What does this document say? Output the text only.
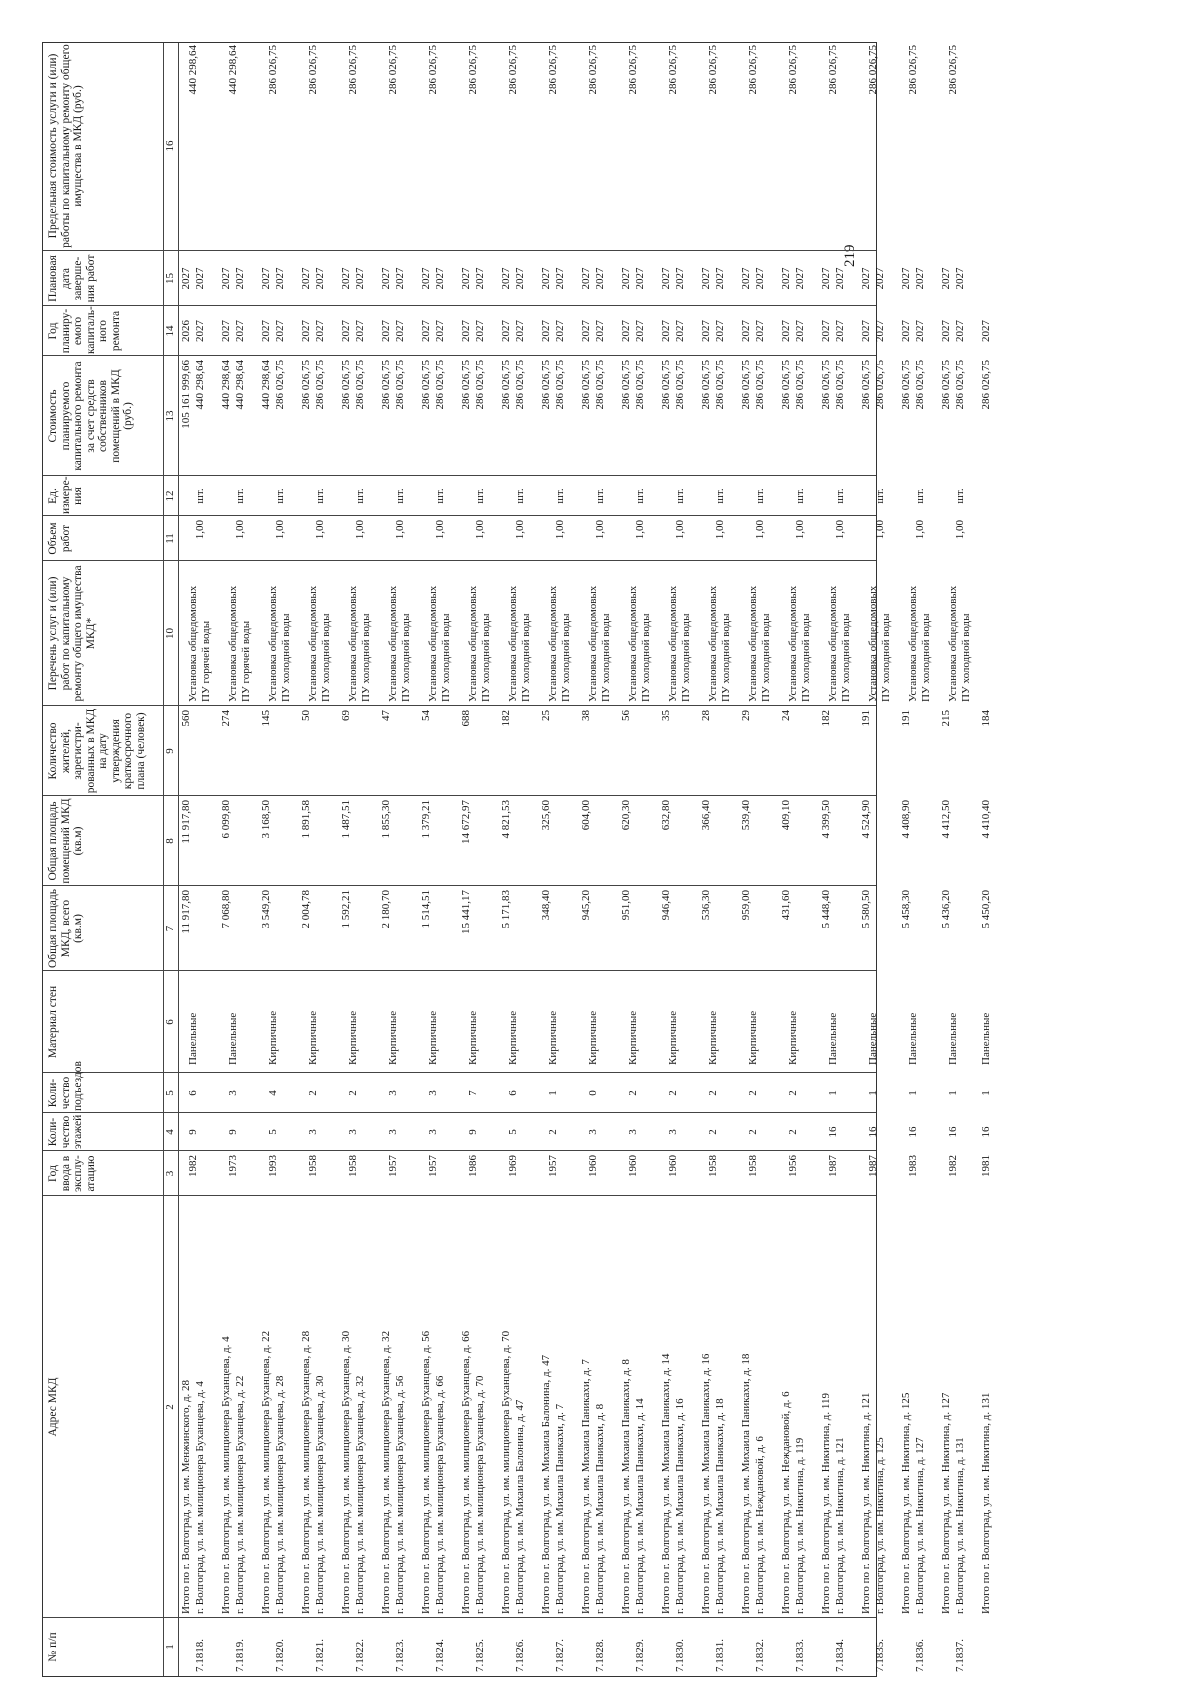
219
№ п/п
Адрес МКД
Год ввода в эксплу-атацию
Коли-чество этажей
Коли-чество подъездов
Материал стен
Общая площадь МКД, всего (кв.м)
Общая площадь помещений МКД (кв.м)
Количество жителей, зарегистри-рованных в МКД на дату утверждения краткосрочного плана (человек)
Перечень услуг и (или) работ по капитальному ремонту общего имущества МКД*
Объем работ
Ед. измере-ния
Стоимость планируемого капитального ремонта за счет средств собственников помещений в МКД (руб.)
Год планиру-емого капиталь-ного ремонта
Плановая дата заверше-ния работ
Предельная стоимость услуги и (или) работы по капитальному ремонту общего имущества в МКД (руб.)
1
2
3
4
5
6
7
8
9
10
11
12
13
14
15
16
Итого по г. Волгоград, ул. им. Менжинского, д. 28
11 917,80
11 917,80
560
105 161 999,66
2026
2027
7.1818.
г. Волгоград, ул. им. милиционера Буханцева, д. 4
1982
9
6
Панельные
Установка общедомовых ПУ горячей воды
1,00
шт.
440 298,64
2027
2027
440 298,64
Итого по г. Волгоград, ул. им. милиционера Буханцева, д. 4
7 068,80
6 099,80
274
440 298,64
2027
2027
7.1819.
г. Волгоград, ул. им. милиционера Буханцева, д. 22
1973
9
3
Панельные
Установка общедомовых ПУ горячей воды
1,00
шт.
440 298,64
2027
2027
440 298,64
Итого по г. Волгоград, ул. им. милиционера Буханцева, д. 22
3 549,20
3 168,50
145
440 298,64
2027
2027
7.1820.
г. Волгоград, ул. им. милиционера Буханцева, д. 28
1993
5
4
Кирпичные
Установка общедомовых ПУ холодной воды
1,00
шт.
286 026,75
2027
2027
286 026,75
Итого по г. Волгоград, ул. им. милиционера Буханцева, д. 28
2 004,78
1 891,58
50
286 026,75
2027
2027
7.1821.
г. Волгоград, ул. им. милиционера Буханцева, д. 30
1958
3
2
Кирпичные
Установка общедомовых ПУ холодной воды
1,00
шт.
286 026,75
2027
2027
286 026,75
Итого по г. Волгоград, ул. им. милиционера Буханцева, д. 30
1 592,21
1 487,51
69
286 026,75
2027
2027
7.1822.
г. Волгоград, ул. им. милиционера Буханцева, д. 32
1958
3
2
Кирпичные
Установка общедомовых ПУ холодной воды
1,00
шт.
286 026,75
2027
2027
286 026,75
Итого по г. Волгоград, ул. им. милиционера Буханцева, д. 32
2 180,70
1 855,30
47
286 026,75
2027
2027
7.1823.
г. Волгоград, ул. им. милиционера Буханцева, д. 56
1957
3
3
Кирпичные
Установка общедомовых ПУ холодной воды
1,00
шт.
286 026,75
2027
2027
286 026,75
Итого по г. Волгоград, ул. им. милиционера Буханцева, д. 56
1 514,51
1 379,21
54
286 026,75
2027
2027
7.1824.
г. Волгоград, ул. им. милиционера Буханцева, д. 66
1957
3
3
Кирпичные
Установка общедомовых ПУ холодной воды
1,00
шт.
286 026,75
2027
2027
286 026,75
Итого по г. Волгоград, ул. им. милиционера Буханцева, д. 66
15 441,17
14 672,97
688
286 026,75
2027
2027
7.1825.
г. Волгоград, ул. им. милиционера Буханцева, д. 70
1986
9
7
Кирпичные
Установка общедомовых ПУ холодной воды
1,00
шт.
286 026,75
2027
2027
286 026,75
Итого по г. Волгоград, ул. им. милиционера Буханцева, д. 70
5 171,83
4 821,53
182
286 026,75
2027
2027
7.1826.
г. Волгоград, ул. им. Михаила Балонина, д. 47
1969
5
6
Кирпичные
Установка общедомовых ПУ холодной воды
1,00
шт.
286 026,75
2027
2027
286 026,75
Итого по г. Волгоград, ул. им. Михаила Балонина, д. 47
348,40
325,60
25
286 026,75
2027
2027
7.1827.
г. Волгоград, ул. им. Михаила Паникахи, д. 7
1957
2
1
Кирпичные
Установка общедомовых ПУ холодной воды
1,00
шт.
286 026,75
2027
2027
286 026,75
Итого по г. Волгоград, ул. им. Михаила Паникахи, д. 7
945,20
604,00
38
286 026,75
2027
2027
7.1828.
г. Волгоград, ул. им. Михаила Паникахи, д. 8
1960
3
0
Кирпичные
Установка общедомовых ПУ холодной воды
1,00
шт.
286 026,75
2027
2027
286 026,75
Итого по г. Волгоград, ул. им. Михаила Паникахи, д. 8
951,00
620,30
56
286 026,75
2027
2027
7.1829.
г. Волгоград, ул. им. Михаила Паникахи, д. 14
1960
3
2
Кирпичные
Установка общедомовых ПУ холодной воды
1,00
шт.
286 026,75
2027
2027
286 026,75
Итого по г. Волгоград, ул. им. Михаила Паникахи, д. 14
946,40
632,80
35
286 026,75
2027
2027
7.1830.
г. Волгоград, ул. им. Михаила Паникахи, д. 16
1960
3
2
Кирпичные
Установка общедомовых ПУ холодной воды
1,00
шт.
286 026,75
2027
2027
286 026,75
Итого по г. Волгоград, ул. им. Михаила Паникахи, д. 16
536,30
366,40
28
286 026,75
2027
2027
7.1831.
г. Волгоград, ул. им. Михаила Паникахи, д. 18
1958
2
2
Кирпичные
Установка общедомовых ПУ холодной воды
1,00
шт.
286 026,75
2027
2027
286 026,75
Итого по г. Волгоград, ул. им. Михаила Паникахи, д. 18
959,00
539,40
29
286 026,75
2027
2027
7.1832.
г. Волгоград, ул. им. Неждановой, д. 6
1958
2
2
Кирпичные
Установка общедомовых ПУ холодной воды
1,00
шт.
286 026,75
2027
2027
286 026,75
Итого по г. Волгоград, ул. им. Неждановой, д. 6
431,60
409,10
24
286 026,75
2027
2027
7.1833.
г. Волгоград, ул. им. Никитина, д. 119
1956
2
2
Кирпичные
Установка общедомовых ПУ холодной воды
1,00
шт.
286 026,75
2027
2027
286 026,75
Итого по г. Волгоград, ул. им. Никитина, д. 119
5 448,40
4 399,50
182
286 026,75
2027
2027
7.1834.
г. Волгоград, ул. им. Никитина, д. 121
1987
16
1
Панельные
Установка общедомовых ПУ холодной воды
1,00
шт.
286 026,75
2027
2027
286 026,75
Итого по г. Волгоград, ул. им. Никитина, д. 121
5 580,50
4 524,90
191
286 026,75
2027
2027
7.1835.
г. Волгоград, ул. им. Никитина, д. 125
1987
16
1
Панельные
Установка общедомовых ПУ холодной воды
1,00
шт.
286 026,75
2027
2027
286 026,75
Итого по г. Волгоград, ул. им. Никитина, д. 125
5 458,30
4 408,90
191
286 026,75
2027
2027
7.1836.
г. Волгоград, ул. им. Никитина, д. 127
1983
16
1
Панельные
Установка общедомовых ПУ холодной воды
1,00
шт.
286 026,75
2027
2027
286 026,75
Итого по г. Волгоград, ул. им. Никитина, д. 127
5 436,20
4 412,50
215
286 026,75
2027
2027
7.1837.
г. Волгоград, ул. им. Никитина, д. 131
1982
16
1
Панельные
Установка общедомовых ПУ холодной воды
1,00
шт.
286 026,75
2027
2027
286 026,75
Итого по г. Волгоград, ул. им. Никитина, д. 131
1981
16
1
Панельные
5 450,20
4 410,40
184
286 026,75
2027
